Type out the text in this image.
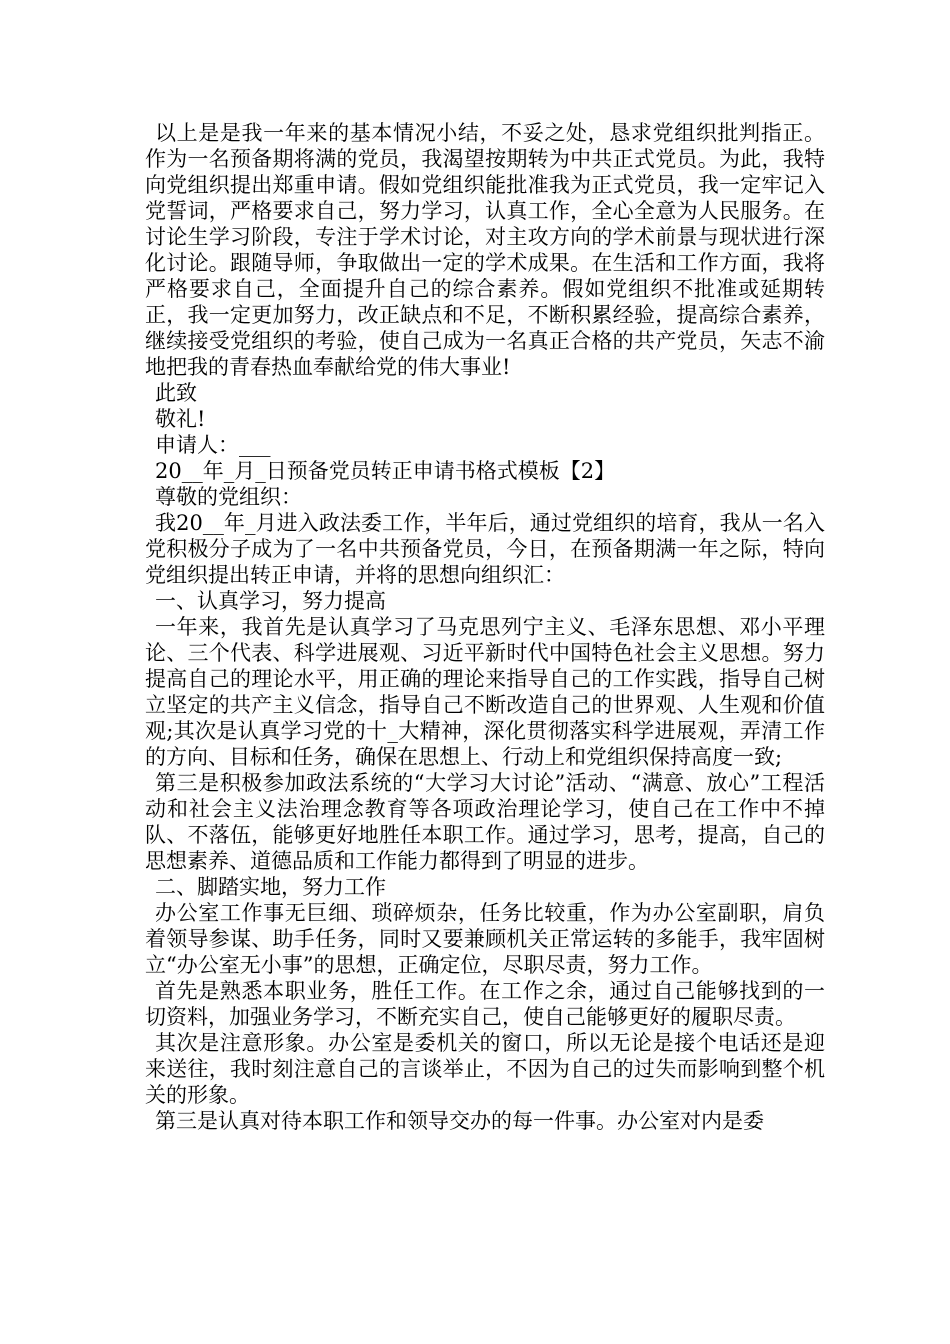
以上是是我一年来的基本情况小结，不妥之处，恳求党组织批判指正。作为一名预备期将满的党员，我渴望按期转为中共正式党员。为此，我特向党组织提出郑重申请。假如党组织能批准我为正式党员，我一定牢记入党誓词，严格要求自己，努力学习，认真工作，全心全意为人民服务。在讨论生学习阶段，专注于学术讨论，对主攻方向的学术前景与现状进行深化讨论。跟随导师，争取做出一定的学术成果。在生活和工作方面，我将严格要求自己，全面提升自己的综合素养。假如党组织不批准或延期转正，我一定更加努力，改正缺点和不足，不断积累经验，提高综合素养，继续接受党组织的考验，使自己成为一名真正合格的共产党员，矢志不渝地把我的青春热血奉献给党的伟大事业!

此致

敬礼!

申请人：___

20__年_月_日预备党员转正申请书格式模板【2】

尊敬的党组织：

我20__年_月进入政法委工作，半年后，通过党组织的培育，我从一名入党积极分子成为了一名中共预备党员，今日，在预备期满一年之际，特向党组织提出转正申请，并将的思想向组织汇：

一、认真学习，努力提高

一年来，我首先是认真学习了马克思列宁主义、毛泽东思想、邓小平理论、三个代表、科学进展观、习近平新时代中国特色社会主义思想。努力提高自己的理论水平，用正确的理论来指导自己的工作实践，指导自己树立坚定的共产主义信念，指导自己不断改造自己的世界观、人生观和价值观;其次是认真学习党的十_大精神，深化贯彻落实科学进展观，弄清工作的方向、目标和任务，确保在思想上、行动上和党组织保持高度一致;

第三是积极参加政法系统的“大学习大讨论”活动、“满意、放心”工程活动和社会主义法治理念教育等各项政治理论学习，使自己在工作中不掉队、不落伍，能够更好地胜任本职工作。通过学习，思考，提高，自己的思想素养、道德品质和工作能力都得到了明显的进步。

二、脚踏实地，努力工作

办公室工作事无巨细、琐碎烦杂，任务比较重，作为办公室副职，肩负着领导参谋、助手任务，同时又要兼顾机关正常运转的多能手，我牢固树立“办公室无小事”的思想，正确定位，尽职尽责，努力工作。

首先是熟悉本职业务，胜任工作。在工作之余，通过自己能够找到的一切资料，加强业务学习，不断充实自己，使自己能够更好的履职尽责。

其次是注意形象。办公室是委机关的窗口，所以无论是接个电话还是迎来送往，我时刻注意自己的言谈举止，不因为自己的过失而影响到整个机关的形象。

第三是认真对待本职工作和领导交办的每一件事。办公室对内是委
